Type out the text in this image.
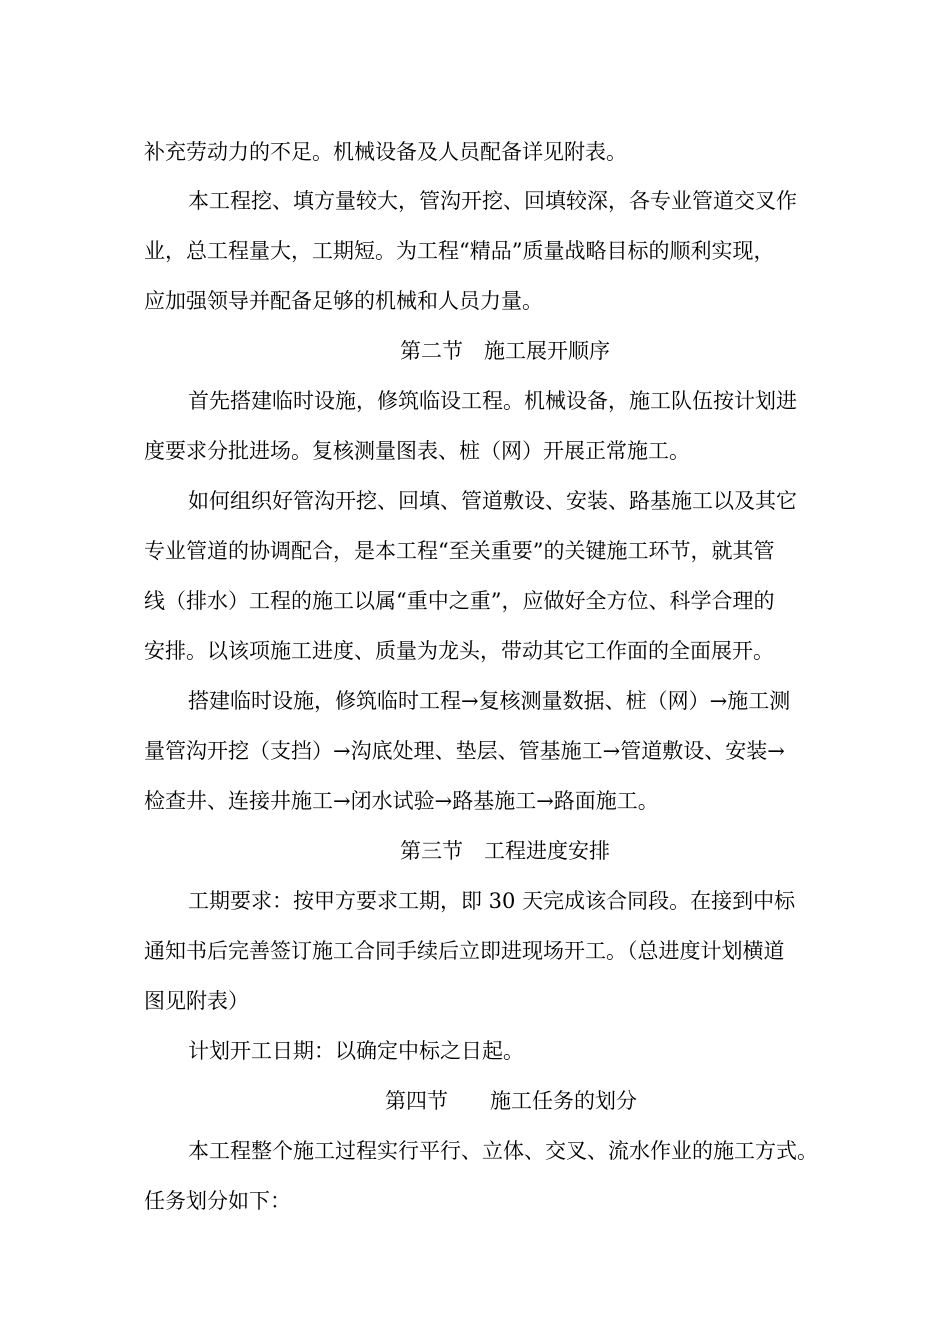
补充劳动力的不足。机械设备及人员配备详见附表。
本工程挖、填方量较大，管沟开挖、回填较深，各专业管道交叉作
业，总工程量大，工期短。为工程“精品”质量战略目标的顺利实现，
应加强领导并配备足够的机械和人员力量。
第二节　施工展开顺序
首先搭建临时设施，修筑临设工程。机械设备，施工队伍按计划进
度要求分批进场。复核测量图表、桩（网）开展正常施工。
如何组织好管沟开挖、回填、管道敷设、安装、路基施工以及其它
专业管道的协调配合，是本工程“至关重要”的关键施工环节，就其管
线（排水）工程的施工以属“重中之重”，应做好全方位、科学合理的
安排。以该项施工进度、质量为龙头，带动其它工作面的全面展开。
搭建临时设施，修筑临时工程→复核测量数据、桩（网）→施工测
量管沟开挖（支挡）→沟底处理、垫层、管基施工→管道敷设、安装→
检查井、连接井施工→闭水试验→路基施工→路面施工。
第三节　工程进度安排
工期要求：按甲方要求工期，即 30 天完成该合同段。在接到中标
通知书后完善签订施工合同手续后立即进现场开工。（总进度计划横道
图见附表）
计划开工日期：以确定中标之日起。
第四节　　施工任务的划分
本工程整个施工过程实行平行、立体、交叉、流水作业的施工方式。
任务划分如下：
